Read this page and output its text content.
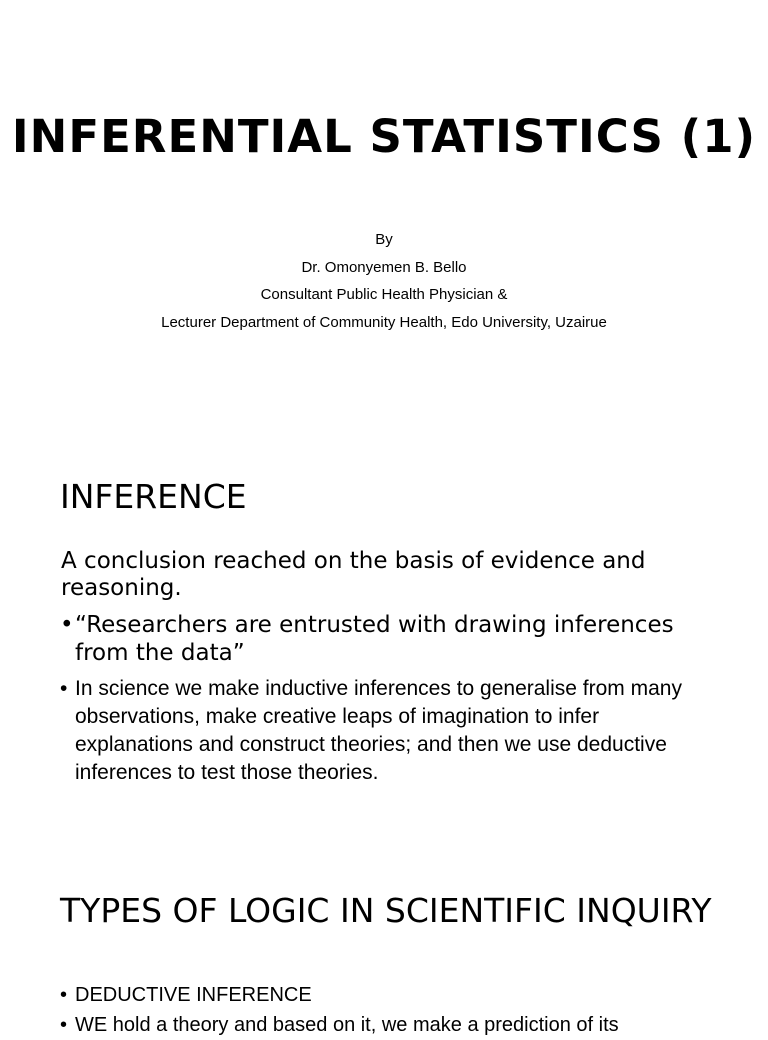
INFERENTIAL STATISTICS (1)
By
Dr. Omonyemen B. Bello
Consultant Public Health Physician &
Lecturer Department of Community Health, Edo University, Uzairue
INFERENCE
A conclusion reached on the basis of evidence and reasoning.
• “Researchers are entrusted with drawing inferences from the data”
• In science we make inductive inferences to generalise from many observations, make creative leaps of imagination to infer explanations and construct theories; and then we use deductive inferences to test those theories.
TYPES OF LOGIC IN SCIENTIFIC INQUIRY
• DEDUCTIVE INFERENCE
• WE hold a theory and based on it, we make a prediction of its
